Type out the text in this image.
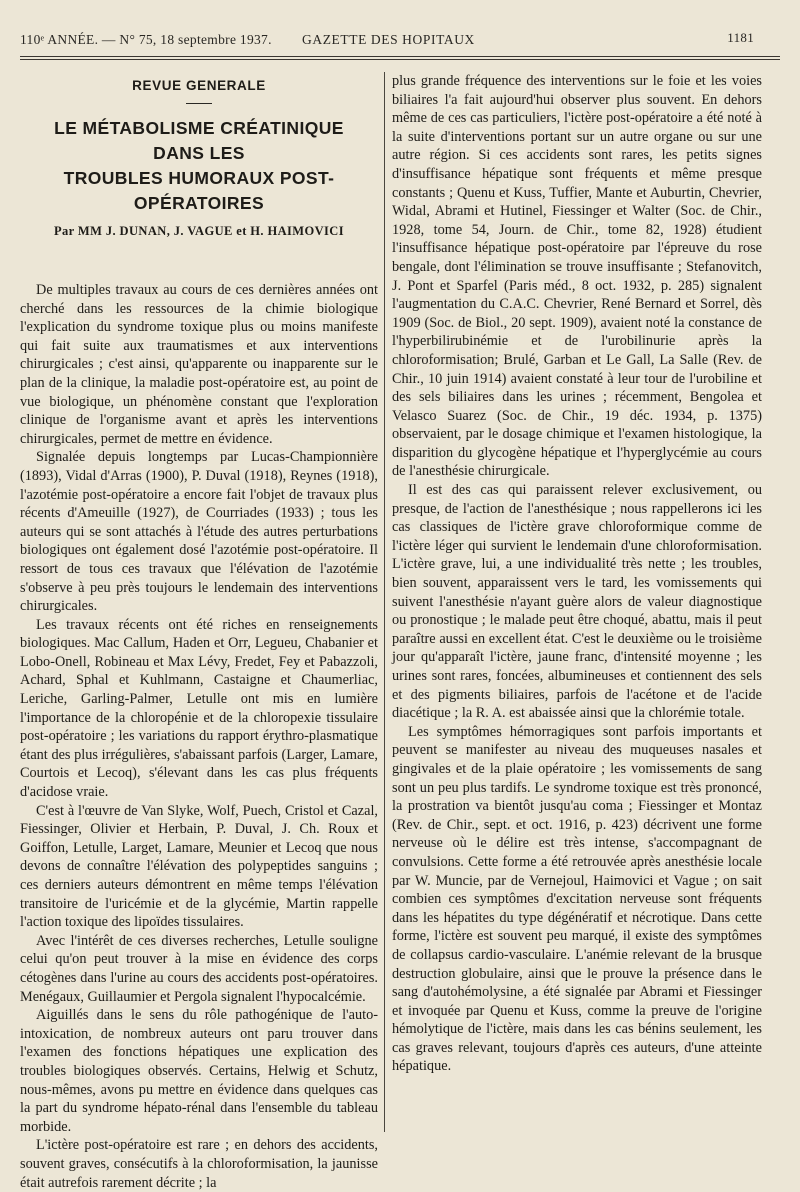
110ᵉ ANNÉE. — N° 75, 18 septembre 1937. GAZETTE DES HOPITAUX	1181
REVUE GENERALE
LE MÉTABOLISME CRÉATINIQUE
DANS LES
TROUBLES HUMORAUX POST-OPÉRATOIRES
Par MM J. DUNAN, J. VAGUE et H. HAIMOVICI

De multiples travaux au cours de ces dernières années ont cherché dans les ressources de la chimie biologique l'explication du syndrome toxique plus ou moins manifeste qui fait suite aux traumatismes et aux interventions chirurgicales ; c'est ainsi, qu'apparente ou inapparente sur le plan de la clinique, la maladie post-opératoire est, au point de vue biologique, un phénomène constant que l'exploration clinique de l'organisme avant et après les interventions chirurgicales, permet de mettre en évidence.

Signalée depuis longtemps par Lucas-Championnière (1893), Vidal d'Arras (1900), P. Duval (1918), Reynes (1918), l'azotémie post-opératoire a encore fait l'objet de travaux plus récents d'Ameuille (1927), de Courriades (1933) ; tous les auteurs qui se sont attachés à l'étude des autres perturbations biologiques ont également dosé l'azotémie post-opératoire. Il ressort de tous ces travaux que l'élévation de l'azotémie s'observe à peu près toujours le lendemain des interventions chirurgicales.

Les travaux récents ont été riches en renseignements biologiques. Mac Callum, Haden et Orr, Legueu, Chabanier et Lobo-Onell, Robineau et Max Lévy, Fredet, Fey et Pabazzoli, Achard, Sphal et Kuhlmann, Castaigne et Chaumerliac, Leriche, Garling-Palmer, Letulle ont mis en lumière l'importance de la chloropénie et de la chloropexie tissulaire post-opératoire ; les variations du rapport érythro-plasmatique étant des plus irrégulières, s'abaissant parfois (Larger, Lamare, Courtois et Lecoq), s'élevant dans les cas plus fréquents d'acidose vraie.

C'est à l'œuvre de Van Slyke, Wolf, Puech, Cristol et Cazal, Fiessinger, Olivier et Herbain, P. Duval, J. Ch. Roux et Goiffon, Letulle, Larget, Lamare, Meunier et Lecoq que nous devons de connaître l'élévation des polypeptides sanguins ; ces derniers auteurs démontrent en même temps l'élévation transitoire de l'uricémie et de la glycémie, Martin rappelle l'action toxique des lipoïdes tissulaires.

Avec l'intérêt de ces diverses recherches, Letulle souligne celui qu'on peut trouver à la mise en évidence des corps cétogènes dans l'urine au cours des accidents post-opératoires. Menégaux, Guillaumier et Pergola signalent l'hypocalcémie.

Aiguillés dans le sens du rôle pathogénique de l'auto-intoxication, de nombreux auteurs ont paru trouver dans l'examen des fonctions hépatiques une explication des troubles biologiques observés. Certains, Helwig et Schutz, nous-mêmes, avons pu mettre en évidence dans quelques cas la part du syndrome hépato-rénal dans l'ensemble du tableau morbide.

L'ictère post-opératoire est rare ; en dehors des accidents, souvent graves, consécutifs à la chloroformisation, la jaunisse était autrefois rarement décrite ; la

plus grande fréquence des interventions sur le foie et les voies biliaires l'a fait aujourd'hui observer plus souvent. En dehors même de ces cas particuliers, l'ictère post-opératoire a été noté à la suite d'interventions portant sur un autre organe ou sur une autre région. Si ces accidents sont rares, les petits signes d'insuffisance hépatique sont fréquents et même presque constants ; Quenu et Kuss, Tuffier, Mante et Auburtin, Chevrier, Widal, Abrami et Hutinel, Fiessinger et Walter (Soc. de Chir., 1928, tome 54, Journ. de Chir., tome 82, 1928) étudient l'insuffisance hépatique post-opératoire par l'épreuve du rose bengale, dont l'élimination se trouve insuffisante ; Stefanovitch, J. Pont et Sparfel (Paris méd., 8 oct. 1932, p. 285) signalent l'augmentation du C.A.C. Chevrier, René Bernard et Sorrel, dès 1909 (Soc. de Biol., 20 sept. 1909), avaient noté la constance de l'hyperbilirubinémie et de l'urobilinurie après la chloroformisation; Brulé, Garban et Le Gall, La Salle (Rev. de Chir., 10 juin 1914) avaient constaté à leur tour de l'urobiline et des sels biliaires dans les urines ; récemment, Bengolea et Velasco Suarez (Soc. de Chir., 19 déc. 1934, p. 1375) observaient, par le dosage chimique et l'examen histologique, la disparition du glycogène hépatique et l'hyperglycémie au cours de l'anesthésie chirurgicale.

Il est des cas qui paraissent relever exclusivement, ou presque, de l'action de l'anesthésique ; nous rappellerons ici les cas classiques de l'ictère grave chloroformique comme de l'ictère léger qui survient le lendemain d'une chloroformisation. L'ictère grave, lui, a une individualité très nette ; les troubles, bien souvent, apparaissent vers le tard, les vomissements qui suivent l'anesthésie n'ayant guère alors de valeur diagnostique ou pronostique ; le malade peut être choqué, abattu, mais il peut paraître aussi en excellent état. C'est le deuxième ou le troisième jour qu'apparaît l'ictère, jaune franc, d'intensité moyenne ; les urines sont rares, foncées, albumineuses et contiennent des sels et des pigments biliaires, parfois de l'acétone et de l'acide diacétique ; la R. A. est abaissée ainsi que la chlorémie totale.

Les symptômes hémorragiques sont parfois importants et peuvent se manifester au niveau des muqueuses nasales et gingivales et de la plaie opératoire ; les vomissements de sang sont un peu plus tardifs. Le syndrome toxique est très prononcé, la prostration va bientôt jusqu'au coma ; Fiessinger et Montaz (Rev. de Chir., sept. et oct. 1916, p. 423) décrivent une forme nerveuse où le délire est très intense, s'accompagnant de convulsions. Cette forme a été retrouvée après anesthésie locale par W. Muncie, par de Vernejoul, Haimovici et Vague ; on sait combien ces symptômes d'excitation nerveuse sont fréquents dans les hépatites du type dégénératif et nécrotique. Dans cette forme, l'ictère est souvent peu marqué, il existe des symptômes de collapsus cardio-vasculaire. L'anémie relevant de la brusque destruction globulaire, ainsi que le prouve la présence dans le sang d'autohémolysine, a été signalée par Abrami et Fiessinger et invoquée par Quenu et Kuss, comme la preuve de l'origine hémolytique de l'ictère, mais dans les cas bénins seulement, les cas graves relevant, toujours d'après ces auteurs, d'une atteinte hépatique.
